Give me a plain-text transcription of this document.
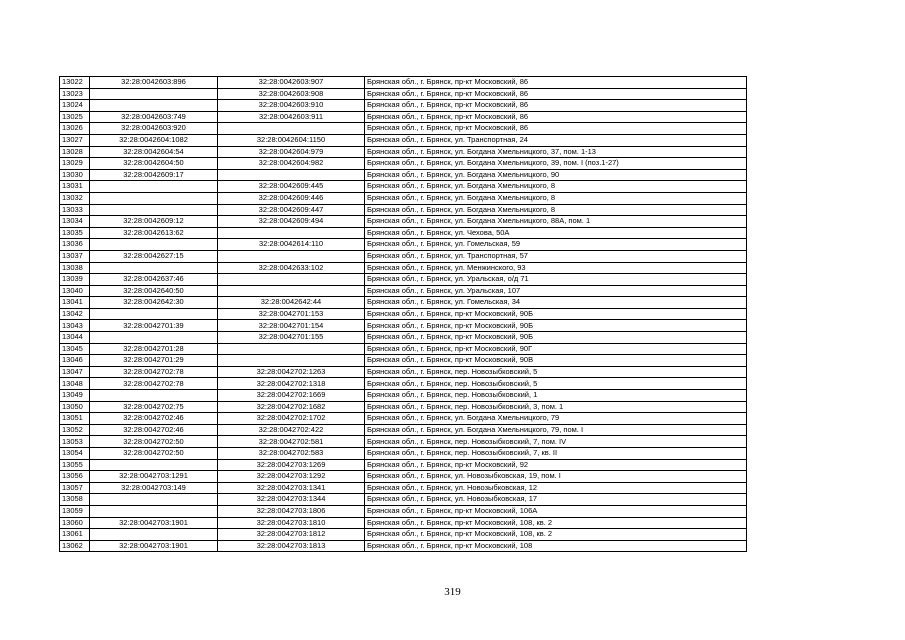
13022	32:28:0042603:896	32:28:0042603:907	Брянская обл., г. Брянск, пр-кт Московский, 86
13023		32:28:0042603:908	Брянская обл., г. Брянск, пр-кт Московский, 86
13024		32:28:0042603:910	Брянская обл., г. Брянск, пр-кт Московский, 86
13025	32:28:0042603:749	32:28:0042603:911	Брянская обл., г. Брянск, пр-кт Московский, 86
13026	32:28:0042603:920		Брянская обл., г. Брянск, пр-кт Московский, 86
13027	32:28:0042604:1082	32:28:0042604:1150	Брянская обл., г. Брянск, ул. Транспортная, 24
13028	32:28:0042604:54	32:28:0042604:979	Брянская обл., г. Брянск, ул. Богдана Хмельницкого, 37, пом. 1-13
13029	32:28:0042604:50	32:28:0042604:982	Брянская обл., г. Брянск, ул. Богдана Хмельницкого, 39, пом. I (поз.1-27)
13030	32:28:0042609:17		Брянская обл., г. Брянск, ул. Богдана Хмельницкого, 90
13031		32:28:0042609:445	Брянская обл., г. Брянск, ул. Богдана Хмельницкого, 8
13032		32:28:0042609:446	Брянская обл., г. Брянск, ул. Богдана Хмельницкого, 8
13033		32:28:0042609:447	Брянская обл., г. Брянск, ул. Богдана Хмельницкого, 8
13034	32:28:0042609:12	32:28:0042609:494	Брянская обл., г. Брянск, ул. Богдана Хмельницкого, 88А, пом. 1
13035	32:28:0042613:62		Брянская обл., г. Брянск, ул. Чехова, 50А
13036		32:28:0042614:110	Брянская обл., г. Брянск, ул. Гомельская, 59
13037	32:28:0042627:15		Брянская обл., г. Брянск, ул. Транспортная, 57
13038		32:28:0042633:102	Брянская обл., г. Брянск, ул. Менжинского, 93
13039	32:28:0042637:46		Брянская обл., г. Брянск, ул. Уральская, о/д 71
13040	32:28:0042640:50		Брянская обл., г. Брянск, ул. Уральская, 107
13041	32:28:0042642:30	32:28:0042642:44	Брянская обл., г. Брянск, ул. Гомельская, 34
13042		32:28:0042701:153	Брянская обл., г. Брянск, пр-кт Московский, 90Б
13043	32:28:0042701:39	32:28:0042701:154	Брянская обл., г. Брянск, пр-кт Московский, 90Б
13044		32:28:0042701:155	Брянская обл., г. Брянск, пр-кт Московский, 90Б
13045	32:28:0042701:28		Брянская обл., г. Брянск, пр-кт Московский, 90Г
13046	32:28:0042701:29		Брянская обл., г. Брянск, пр-кт Московский, 90В
13047	32:28:0042702:78	32:28:0042702:1263	Брянская обл., г. Брянск, пер. Новозыбковский, 5
13048	32:28:0042702:78	32:28:0042702:1318	Брянская обл., г. Брянск, пер. Новозыбковский, 5
13049		32:28:0042702:1669	Брянская обл., г. Брянск, пер. Новозыбковский, 1
13050	32:28:0042702:75	32:28:0042702:1682	Брянская обл., г. Брянск, пер. Новозыбковский, 3, пом. 1
13051	32:28:0042702:46	32:28:0042702:1702	Брянская обл., г. Брянск, ул. Богдана Хмельницкого, 79
13052	32:28:0042702:46	32:28:0042702:422	Брянская обл., г. Брянск, ул. Богдана Хмельницкого, 79, пом. I
13053	32:28:0042702:50	32:28:0042702:581	Брянская обл., г. Брянск, пер. Новозыбковский, 7, пом. IV
13054	32:28:0042702:50	32:28:0042702:583	Брянская обл., г. Брянск, пер. Новозыбковский, 7, кв. II
13055		32:28:0042703:1269	Брянская обл., г. Брянск, пр-кт Московский, 92
13056	32:28:0042703:1291	32:28:0042703:1292	Брянская обл., г. Брянск, ул. Новозыбковская, 19, пом. I
13057	32:28:0042703:149	32:28:0042703:1341	Брянская обл., г. Брянск, ул. Новозыбковская, 12
13058		32:28:0042703:1344	Брянская обл., г. Брянск, ул. Новозыбковская, 17
13059		32:28:0042703:1806	Брянская обл., г. Брянск, пр-кт Московский, 106А
13060	32:28:0042703:1901	32:28:0042703:1810	Брянская обл., г. Брянск, пр-кт Московский, 108, кв. 2
13061		32:28:0042703:1812	Брянская обл., г. Брянск, пр-кт Московский, 108, кв. 2
13062	32:28:0042703:1901	32:28:0042703:1813	Брянская обл., г. Брянск, пр-кт Московский, 108
319
